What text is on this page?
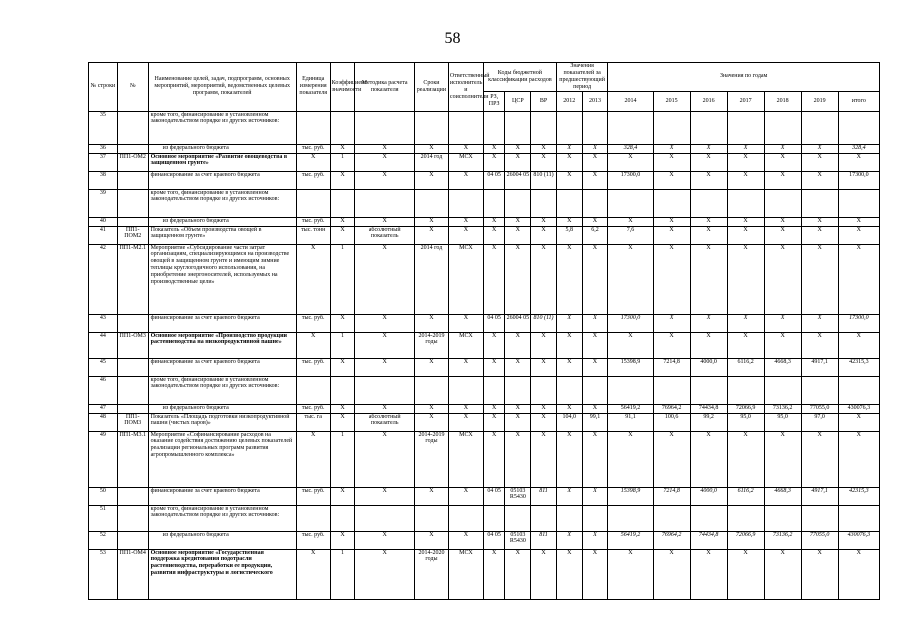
58
№ строки	№	Наименование целей, задач, подпрограмм, основных мероприятий, мероприятий, ведомственных целевых программ, показателей	Единица измерения показателя	Коэффициент значимости	Методика расчета показателя	Сроки реализации	Ответственный исполнитель и соисполнители	Коды бюджетной классификации расходов			Значения показателей за предшествующий период		Значения по годам						
								РЗ, ПРЗ	ЦСР	ВР	2012	2013	2014	2015	2016	2017	2018	2019	итого
35		кроме того, финансирование в установленном законодательством порядке из других источников:																	
36		из федерального бюджета	тыс. руб.	Х	Х	Х	Х	Х	Х	Х	Х	Х	328,4	Х	Х	Х	Х	Х	328,4
37	ПП1-ОМ2	Основное мероприятие «Развитие овощеводства в защищенном грунте»	Х	1	Х	2014 год	МСХ	Х	Х	Х	Х	Х	Х	Х	Х	Х	Х	Х	Х
38		финансирование за счет краевого бюджета	тыс. руб.	Х	Х	Х	Х	04 05	26004 05	810 (11)	Х	Х	17300,0	Х	Х	Х	Х	Х	17300,0
39		кроме того, финансирование в установленном законодательством порядке из других источников:																	
40		из федерального бюджета	тыс. руб.	Х	Х	Х	Х	Х	Х	Х	Х	Х	Х	Х	Х	Х	Х	Х	Х
41	ПП1-ПОМ2	Показатель «Объем производства овощей в защищенном грунте»	тыс. тонн	Х	абсолютный показатель	Х	Х	Х	Х	Х	5,8	6,2	7,6	Х	Х	Х	Х	Х	Х
42	ПП1-М2.1	Мероприятие «Субсидирование части затрат организациям, специализирующимся на производстве овощей в защищенном грунте и имеющим зимние теплицы круглогодичного использования, на приобретение энергоносителей, используемых на производственные цели»	Х	1	Х	2014 год	МСХ	Х	Х	Х	Х	Х	Х	Х	Х	Х	Х	Х	Х
43		финансирование за счет краевого бюджета	тыс. руб.	Х	Х	Х	Х	04 05	26004 05	810 (11)	Х	Х	17300,0	Х	Х	Х	Х	Х	17300,0
44	ПП1-ОМ3	Основное мероприятие «Производство продукции растениеводства на низкопродуктивной пашне»	Х	1	Х	2014-2019 годы	МСХ	Х	Х	Х	Х	Х	Х	Х	Х	Х	Х	Х	Х
45		финансирование за счет краевого бюджета	тыс. руб.	Х	Х	Х	Х	Х	Х	Х	Х	Х	15398,9	7214,8	4000,0	6116,2	4668,3	4917,1	42315,3
46		кроме того, финансирование в установленном законодательством порядке из других источников:																	
47		из федерального бюджета	тыс. руб.	Х	Х	Х	Х	Х	Х	Х	Х	Х	56419,2	76964,2	74434,8	72066,9	73136,2	77055,0	430076,3
48	ПП1-ПОМ3	Показатель «Площадь подготовки низкопродуктивной пашни (чистых паров)»	тыс. га	Х	абсолютный показатель	Х	Х	Х	Х	Х	104,0	99,1	91,1	100,6	99,2	95,0	95,0	97,0	Х
49	ПП1-М3.1	Мероприятие «Софинансирование расходов на оказание содействия достижению целевых показателей реализации региональных программ развития агропромышленного комплекса»	Х	1	Х	2014-2019 годы	МСХ	Х	Х	Х	Х	Х	Х	Х	Х	Х	Х	Х	Х
50		финансирование за счет краевого бюджета	тыс. руб.	Х	Х	Х	Х	04 05	05103 R5430	811	Х	Х	15398,9	7214,8	4000,0	6116,2	4668,3	4917,1	42315,3
51		кроме того, финансирование в установленном законодательством порядке из других источников:																	
52		из федерального бюджета	тыс. руб.	Х	Х	Х	Х	04 05	05103 R5430	811	Х	Х	56419,2	76964,2	74434,8	72066,9	73136,2	77055,0	430076,3
53	ПП1-ОМ4	Основное мероприятие «Государственная поддержка кредитования подотрасли растениеводства, переработки ее продукции, развития инфраструктуры и логистического	Х	1	Х	2014-2020 годы	МСХ	Х	Х	Х	Х	Х	Х	Х	Х	Х	Х	Х	Х
